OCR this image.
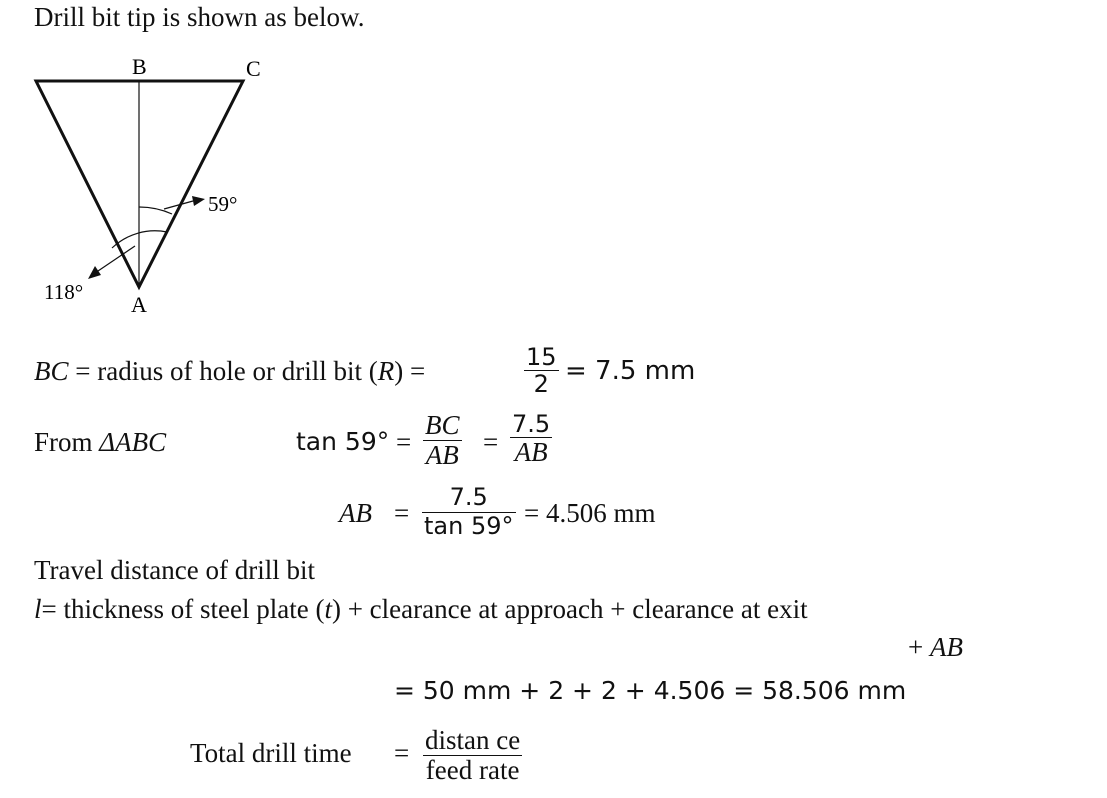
Drill bit tip is shown as below.
B	C
A
59°
118°
BC = radius of hole or drill bit (R) =	$\frac{15}{2} = 7.5$ mm
From ΔABC	$\tan 59^\circ = \frac{BC}{AB} = \frac{7.5}{AB}$
AB = $\frac{7.5}{\tan 59^\circ} = 4.506$ mm
Travel distance of drill bit
l= thickness of steel plate (t) + clearance at approach + clearance at exit
+ AB
= 50 mm + 2 + 2 + 4.506 = 58.506 mm
Total drill time = distan ce
feed rate
